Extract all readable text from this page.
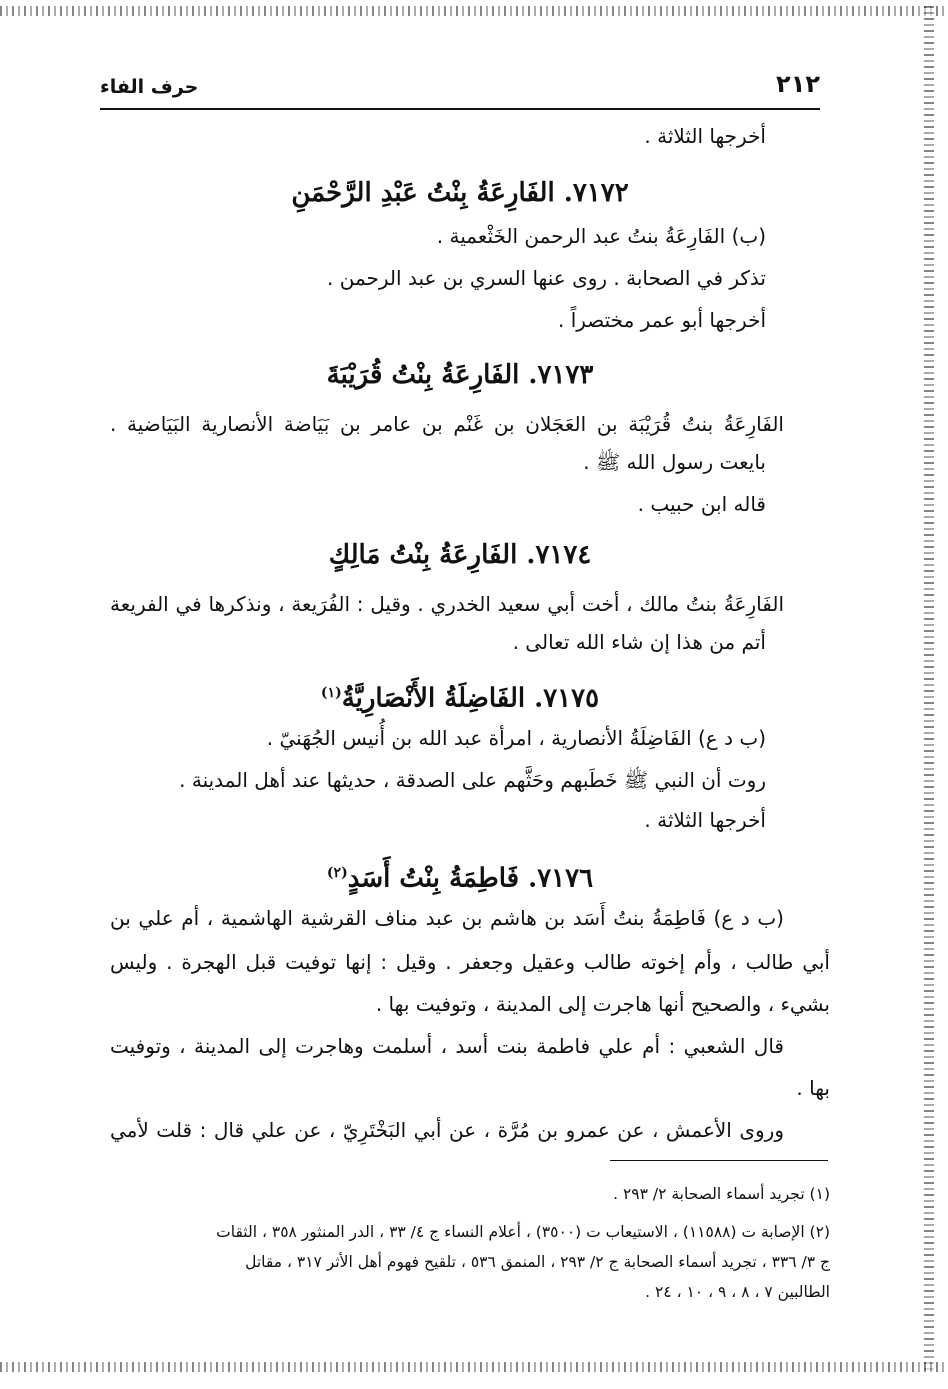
٢١٢
حرف الفاء
أخرجها الثلاثة .
٧١٧٢. الفَارِعَةُ بِنْتُ عَبْدِ الرَّحْمَنِ
(ب) الفَارِعَةُ بنتُ عبد الرحمن الخَثْعمية .
تذكر في الصحابة . روى عنها السري بن عبد الرحمن .
أخرجها أبو عمر مختصراً .
٧١٧٣. الفَارِعَةُ بِنْتُ قُرَيْبَةَ
الفَارِعَةُ بنتُ قُرَيْبَة بن العَجَلان بن غَنْم بن عامر بن بَيَاضة الأنصارية البَيَاضية .
بايعت رسول الله ﷺ .
قاله ابن حبيب .
٧١٧٤. الفَارِعَةُ بِنْتُ مَالِكٍ
الفَارِعَةُ بنتُ مالك ، أخت أبي سعيد الخدري . وقيل : الفُرَيعة ، ونذكرها في الفريعة
أتم من هذا إن شاء الله تعالى .
٧١٧٥. الفَاضِلَةُ الأَنْصَارِيَّةُ$^{(١)}$
(ب د ع) الفَاضِلَةُ الأنصارية ، امرأة عبد الله بن أُنيس الجُهَنيّ .
روت أن النبي ﷺ خَطَبهم وحَثَّهم على الصدقة ، حديثها عند أهل المدينة .
أخرجها الثلاثة .
٧١٧٦. فَاطِمَةُ بِنْتُ أَسَدٍ$^{(٢)}$
(ب د ع) فَاطِمَةُ بنتُ أَسَد بن هاشم بن عبد مناف القرشية الهاشمية ، أم علي بن
أبي طالب ، وأم إخوته طالب وعقيل وجعفر . وقيل : إنها توفيت قبل الهجرة . وليس
بشيء ، والصحيح أنها هاجرت إلى المدينة ، وتوفيت بها .
قال الشعبي : أم علي فاطمة بنت أسد ، أسلمت وهاجرت إلى المدينة ، وتوفيت
بها .
وروى الأعمش ، عن عمرو بن مُرَّة ، عن أبي البَخْتَرِيّ ، عن علي قال : قلت لأمي
(١) تجريد أسماء الصحابة ٢/ ٢٩٣ .
(٢) الإصابة ت (١١٥٨٨) ، الاستيعاب ت (٣٥٠٠) ، أعلام النساء ج ٤/ ٣٣ ، الدر المنثور ٣٥٨ ، الثقات
ج ٣/ ٣٣٦ ، تجريد أسماء الصحابة ج ٢/ ٢٩٣ ، المنمق ٥٣٦ ، تلقيح فهوم أهل الأثر ٣١٧ ، مقاتل
الطالبين ٧ ، ٨ ، ٩ ، ١٠ ، ٢٤ .
